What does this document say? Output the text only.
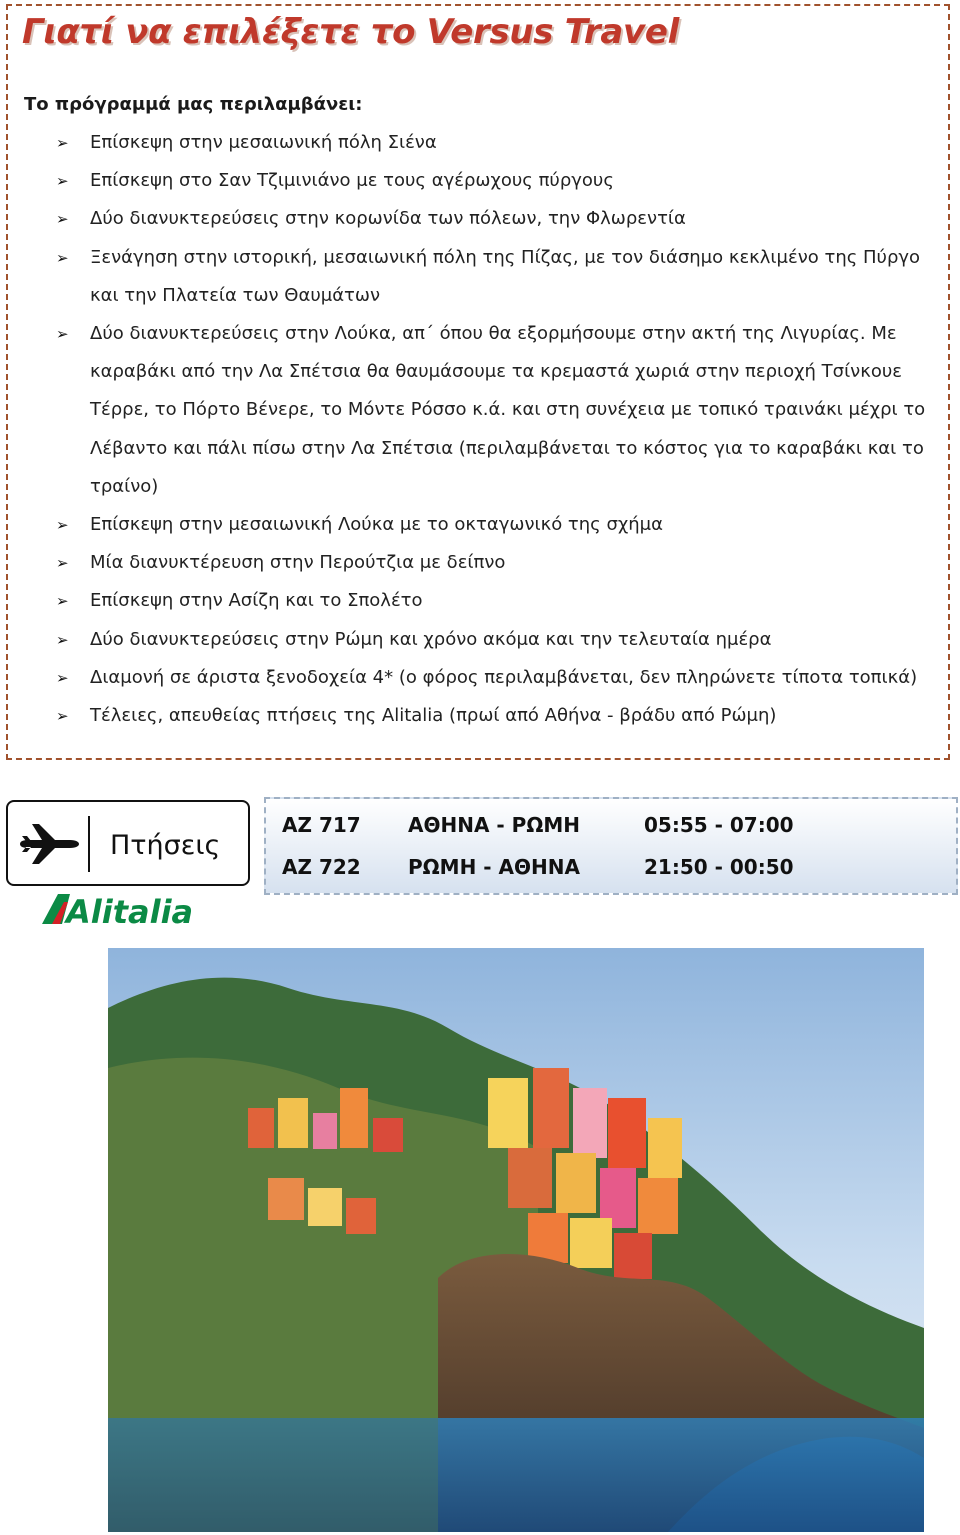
Γιατί να επιλέξετε το Versus Travel
Το πρόγραμμά μας περιλαμβάνει:
➢ Επίσκεψη στην μεσαιωνική πόλη Σιένα
➢ Επίσκεψη στο Σαν Τζιμινιάνο με τους αγέρωχους πύργους
➢ Δύο διανυκτερεύσεις στην κορωνίδα των πόλεων, την Φλωρεντία
➢ Ξενάγηση στην ιστορική, μεσαιωνική πόλη της Πίζας, με τον διάσημο κεκλιμένο της Πύργο και την Πλατεία των Θαυμάτων
➢ Δύο διανυκτερεύσεις στην Λούκα, απ΄ όπου θα εξορμήσουμε στην ακτή της Λιγυρίας. Με καραβάκι από την Λα Σπέτσια θα θαυμάσουμε τα κρεμαστά χωριά στην περιοχή Τσίνκουε Τέρρε, το Πόρτο Βένερε, το Μόντε Ρόσσο κ.ά. και στη συνέχεια με τοπικό τραινάκι μέχρι το Λέβαντο και πάλι πίσω στην Λα Σπέτσια (περιλαμβάνεται το κόστος για το καραβάκι και το τραίνο)
➢ Επίσκεψη στην μεσαιωνική Λούκα με το οκταγωνικό της σχήμα
➢ Μία διανυκτέρευση στην Περούτζια με δείπνο
➢ Επίσκεψη στην Ασίζη και το Σπολέτο
➢ Δύο διανυκτερεύσεις στην Ρώμη και χρόνο ακόμα και την τελευταία ημέρα
➢ Διαμονή σε άριστα ξενοδοχεία 4* (ο φόρος περιλαμβάνεται, δεν πληρώνετε τίποτα τοπικά)
➢ Τέλειες, απευθείας πτήσεις της Alitalia (πρωί από Αθήνα - βράδυ από Ρώμη)
Πτήσεις
Alitalia
AZ 717 ΑΘΗΝΑ - ΡΩΜΗ	05:55 - 07:00
AZ 722 ΡΩΜΗ - ΑΘΗΝΑ	21:50 - 00:50
